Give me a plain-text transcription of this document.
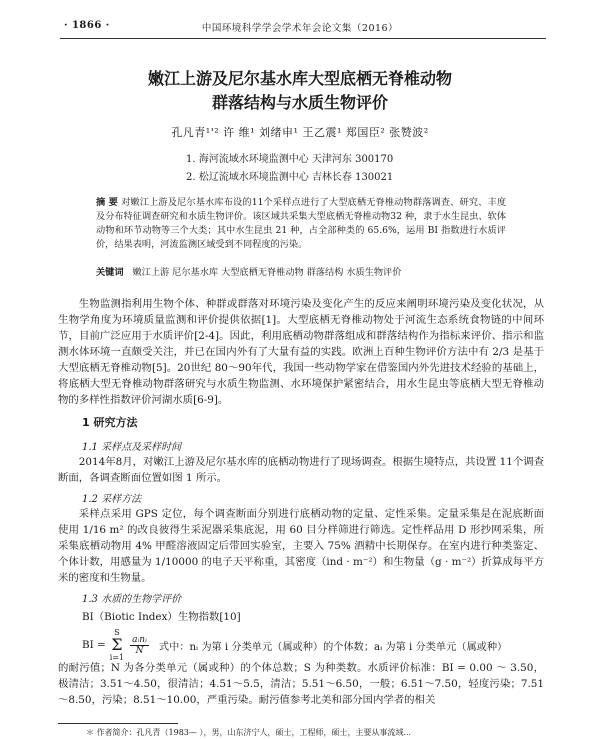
· 1866 ·	中国环境科学学会学术年会论文集（2016）
嫩江上游及尼尔基水库大型底栖无脊椎动物
群落结构与水质生物评价
孔凡青¹'² 许 维¹ 刘绪申¹ 王乙震¹ 郑国臣² 张赞波²
1. 海河流域水环境监测中心 天津河东 300170
2. 松辽流域水环境监测中心 吉林长春 130021
摘 要 对嫩江上游及尼尔基水库布设的11个采样点进行了大型底栖无脊椎动物群落调查、研究、丰度及分布特征调查研究和水质生物评价。该区域共采集大型底栖无脊椎动物32 种，隶于水生昆虫、软体动物和环节动物等三个大类；其中水生昆虫 21 种，占全部种类的 65.6%，运用 BI 指数进行水质评价，结果表明，河流监测区域受到不同程度的污染。
关键词 嫩江上游 尼尔基水库 大型底栖无脊椎动物 群落结构 水质生物评价
生物监测指利用生物个体、种群或群落对环境污染及变化产生的反应来阐明环境污染及变化状况，从生物学角度为环境质量监测和评价提供依据[1]。大型底栖无脊椎动物处于河流生态系统食物链的中间环节，目前广泛应用于水质评价[2-4]。因此，利用底栖动物群落组成和群落结构作为指标来评价、指示和监测水体环境一直颇受关注，并已在国内外有了大量有益的实践。欧洲上百种生物评价方法中有 2/3 是基于大型底栖无脊椎动物[5]。20世纪 80～90年代，我国一些动物学家在借鉴国内外先进技术经验的基础上，将底栖大型无脊椎动物群落研究与水质生物监测、水环境保护紧密结合，用水生昆虫等底栖大型无脊椎动物的多样性指数评价河湖水质[6-9]。
1 研究方法
1.1 采样点及采样时间
2014年8月，对嫩江上游及尼尔基水库的底栖动物进行了现场调查。根据生境特点，共设置 11个调查断面，各调查断面位置如图 1 所示。
1.2 采样方法
采样点采用 GPS 定位，每个调查断面分别进行底栖动物的定量、定性采集。定量采集是在泥底断面使用 1/16 m² 的改良彼得生采泥器采集底泥，用 60 目分样筛进行筛选。定性样品用 D 形抄网采集，所采集底栖动物用 4% 甲醛溶液固定后带回实验室，主要入 75% 酒精中长期保存。在室内进行种类鉴定、个体计数，用感量为 1/10000 的电子天平称重，其密度（ind · m⁻²）和生物量（g · m⁻²）折算成每平方米的密度和生物量。
1.3 水质的生物学评价
BI（Biotic Index）生物指数[10]
BI =
S
Σ
i=1
$\frac{\text{aᵢnᵢ}}{N}$ 式中：nᵢ 为第 i 分类单元（属或种）的个体数；aᵢ 为第 i 分类单元（属或种）
的耐污值；N 为各分类单元（属或种）的个体总数；S 为种类数。水质评价标准：BI = 0.00 ～ 3.50，极清洁；3.51～4.50，很清洁；4.51～5.5，清洁；5.51～6.50，一般；6.51～7.50，轻度污染；7.51～8.50，污染；8.51～10.00，严重污染。耐污值参考北美和部分国内学者的相关
＊ 作者简介：孔凡青（1983— ），男，山东济宁人，硕士，工程师，硕士，主要从事流域...
